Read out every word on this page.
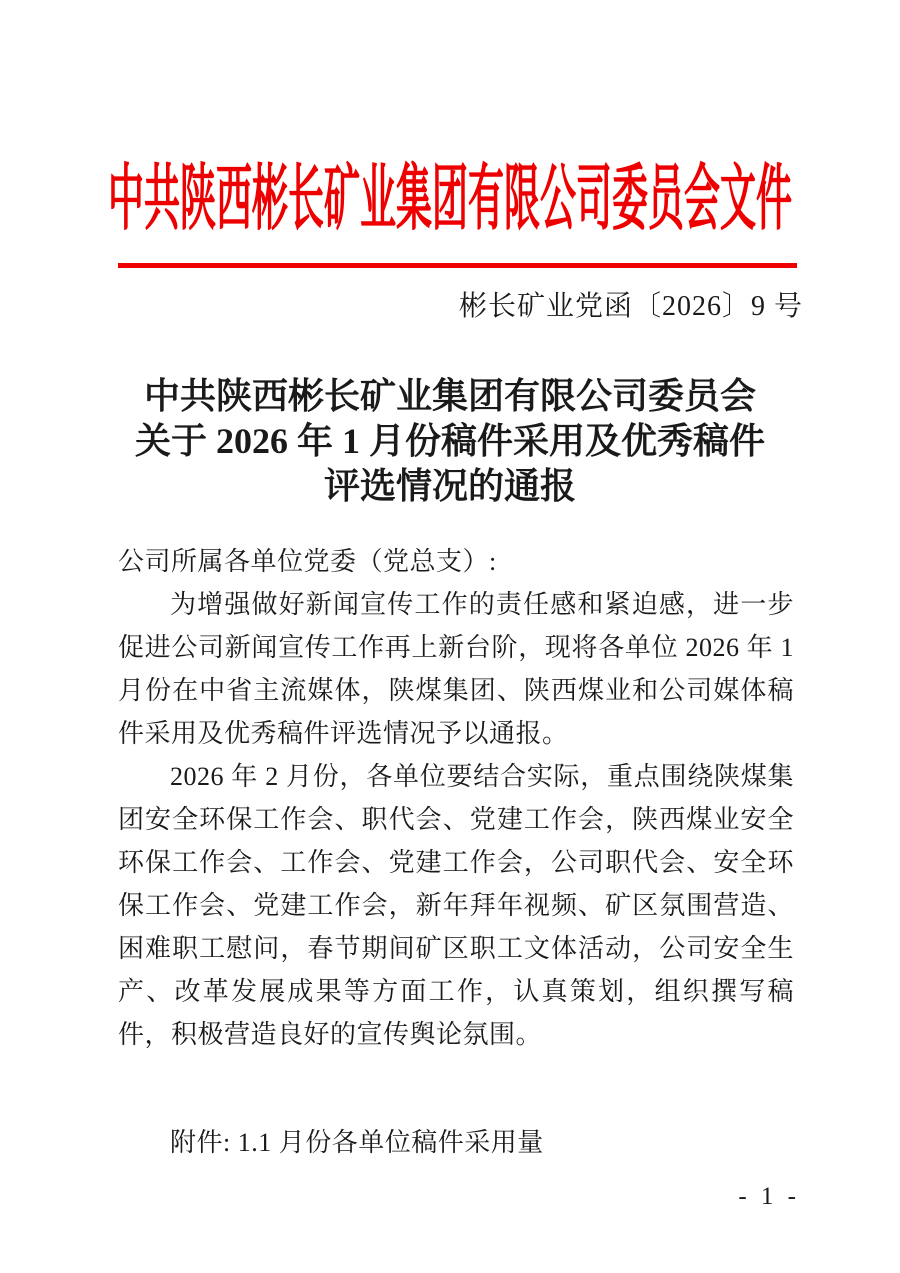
中共陕西彬长矿业集团有限公司委员会文件
彬长矿业党函〔2026〕9 号
中共陕西彬长矿业集团有限公司委员会
关于 2026 年 1 月份稿件采用及优秀稿件
评选情况的通报

公司所属各单位党委（党总支）:

为增强做好新闻宣传工作的责任感和紧迫感，进一步促进公司新闻宣传工作再上新台阶，现将各单位 2026 年 1 月份在中省主流媒体，陕煤集团、陕西煤业和公司媒体稿件采用及优秀稿件评选情况予以通报。

2026 年 2 月份，各单位要结合实际，重点围绕陕煤集团安全环保工作会、职代会、党建工作会，陕西煤业安全环保工作会、工作会、党建工作会，公司职代会、安全环保工作会、党建工作会，新年拜年视频、矿区氛围营造、困难职工慰问，春节期间矿区职工文体活动，公司安全生产、改革发展成果等方面工作，认真策划，组织撰写稿件，积极营造良好的宣传舆论氛围。

附件: 1.1 月份各单位稿件采用量

- 1 -
